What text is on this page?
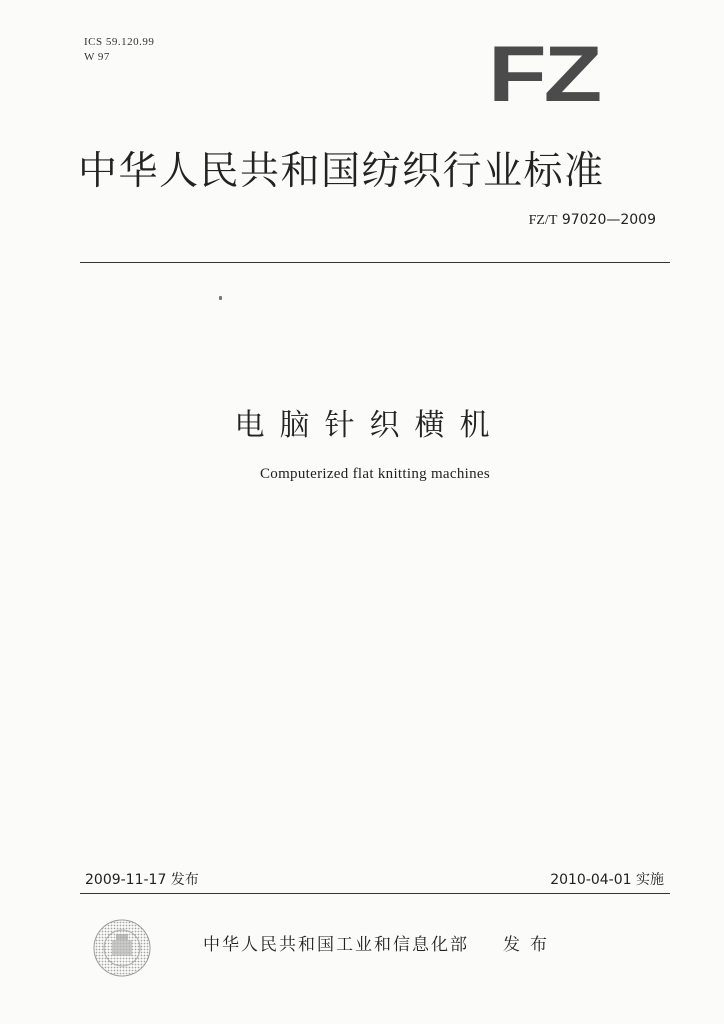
ICS 59.120.99
W 97	FZ
中华人民共和国纺织行业标准
FZ/T 97020—2009
电脑针织横机
Computerized flat knitting machines
2009-11-17 发布	2010-04-01 实施
中华人民共和国工业和信息化部 发布
